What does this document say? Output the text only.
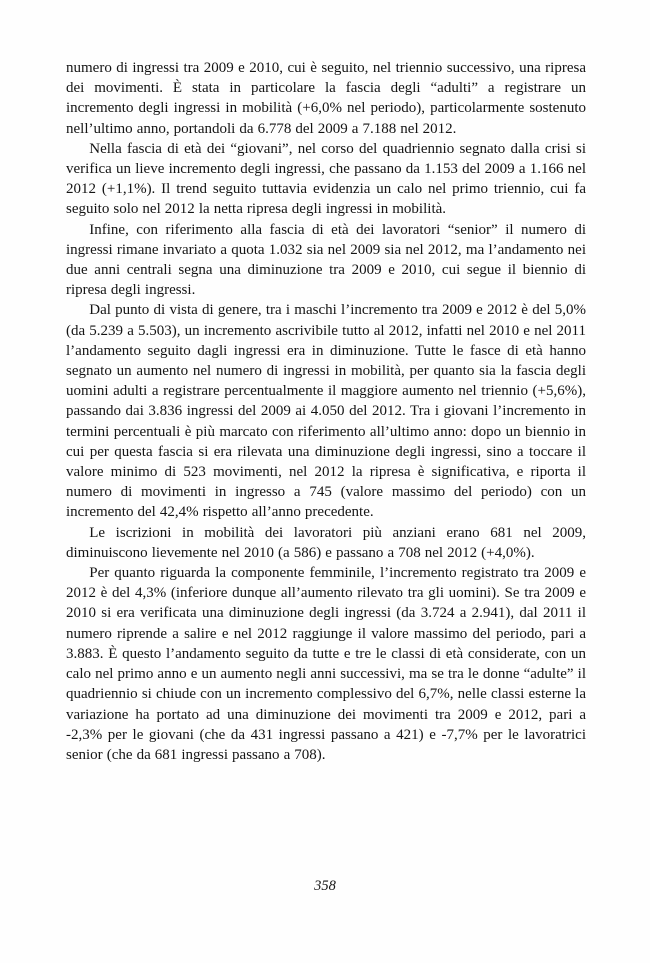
numero di ingressi tra 2009 e 2010, cui è seguito, nel triennio successivo, una ripresa dei movimenti. È stata in particolare la fascia degli “adulti” a registrare un incremento degli ingressi in mobilità (+6,0% nel periodo), particolarmente sostenuto nell’ultimo anno, portandoli da 6.778 del 2009 a 7.188 nel 2012.

Nella fascia di età dei “giovani”, nel corso del quadriennio segnato dalla crisi si verifica un lieve incremento degli ingressi, che passano da 1.153 del 2009 a 1.166 nel 2012 (+1,1%). Il trend seguito tuttavia evidenzia un calo nel primo triennio, cui fa seguito solo nel 2012 la netta ripresa degli ingressi in mobilità.

Infine, con riferimento alla fascia di età dei lavoratori “senior” il numero di ingressi rimane invariato a quota 1.032 sia nel 2009 sia nel 2012, ma l’andamento nei due anni centrali segna una diminuzione tra 2009 e 2010, cui segue il biennio di ripresa degli ingressi.

Dal punto di vista di genere, tra i maschi l’incremento tra 2009 e 2012 è del 5,0% (da 5.239 a 5.503), un incremento ascrivibile tutto al 2012, infatti nel 2010 e nel 2011 l’andamento seguito dagli ingressi era in diminuzione. Tutte le fasce di età hanno segnato un aumento nel numero di ingressi in mobilità, per quanto sia la fascia degli uomini adulti a registrare percentualmente il maggiore aumento nel triennio (+5,6%), passando dai 3.836 ingressi del 2009 ai 4.050 del 2012. Tra i giovani l’incremento in termini percentuali è più marcato con riferimento all’ultimo anno: dopo un biennio in cui per questa fascia si era rilevata una diminuzione degli ingressi, sino a toccare il valore minimo di 523 movimenti, nel 2012 la ripresa è significativa, e riporta il numero di movimenti in ingresso a 745 (valore massimo del periodo) con un incremento del 42,4% rispetto all’anno precedente.

Le iscrizioni in mobilità dei lavoratori più anziani erano 681 nel 2009, diminuiscono lievemente nel 2010 (a 586) e passano a 708 nel 2012 (+4,0%).

Per quanto riguarda la componente femminile, l’incremento registrato tra 2009 e 2012 è del 4,3% (inferiore dunque all’aumento rilevato tra gli uomini). Se tra 2009 e 2010 si era verificata una diminuzione degli ingressi (da 3.724 a 2.941), dal 2011 il numero riprende a salire e nel 2012 raggiunge il valore massimo del periodo, pari a 3.883. È questo l’andamento seguito da tutte e tre le classi di età considerate, con un calo nel primo anno e un aumento negli anni successivi, ma se tra le donne “adulte” il quadriennio si chiude con un incremento complessivo del 6,7%, nelle classi esterne la variazione ha portato ad una diminuzione dei movimenti tra 2009 e 2012, pari a -2,3% per le giovani (che da 431 ingressi passano a 421) e -7,7% per le lavoratrici senior (che da 681 ingressi passano a 708).

358
